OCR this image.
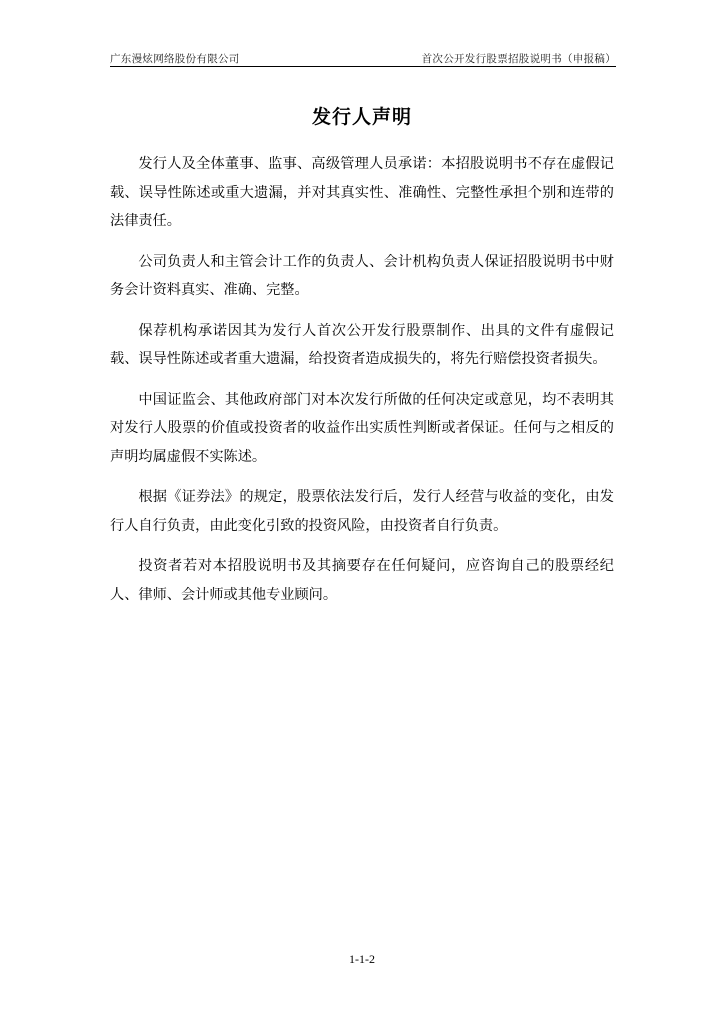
广东漫炫网络股份有限公司	首次公开发行股票招股说明书（申报稿）
发行人声明

发行人及全体董事、监事、高级管理人员承诺：本招股说明书不存在虚假记载、误导性陈述或重大遗漏，并对其真实性、准确性、完整性承担个别和连带的法律责任。

公司负责人和主管会计工作的负责人、会计机构负责人保证招股说明书中财务会计资料真实、准确、完整。

保荐机构承诺因其为发行人首次公开发行股票制作、出具的文件有虚假记载、误导性陈述或者重大遗漏，给投资者造成损失的，将先行赔偿投资者损失。

中国证监会、其他政府部门对本次发行所做的任何决定或意见，均不表明其对发行人股票的价值或投资者的收益作出实质性判断或者保证。任何与之相反的声明均属虚假不实陈述。

根据《证券法》的规定，股票依法发行后，发行人经营与收益的变化，由发行人自行负责，由此变化引致的投资风险，由投资者自行负责。

投资者若对本招股说明书及其摘要存在任何疑问，应咨询自己的股票经纪人、律师、会计师或其他专业顾问。

1-1-2
